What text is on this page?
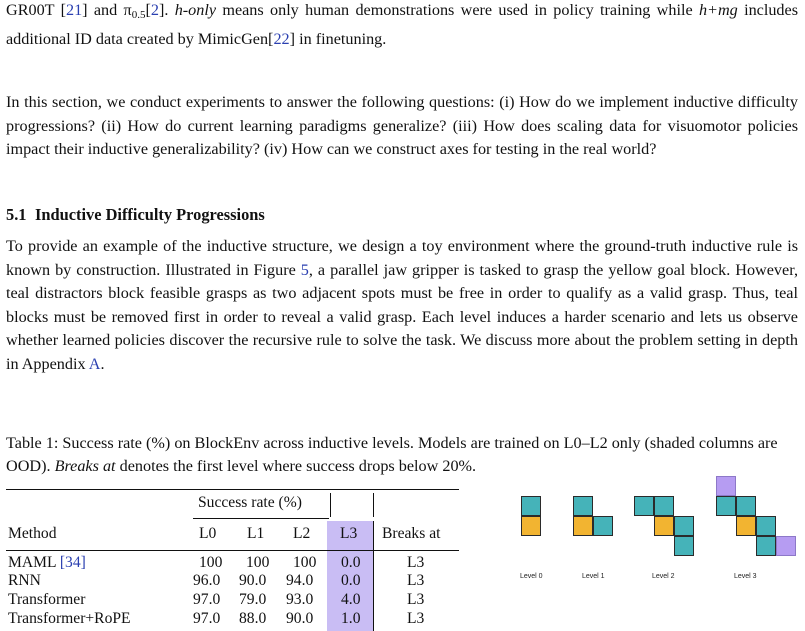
GR00T [21] and $\pi_{0.5}[2]$. h-only means only human demonstrations were used in policy training while h+mg includes additional ID data created by MimicGen[22] in finetuning.

In this section, we conduct experiments to answer the following questions: (i) How do we implement inductive difficulty progressions? (ii) How do current learning paradigms generalize? (iii) How does scaling data for visuomotor policies impact their inductive generalizability? (iv) How can we construct axes for testing in the real world?

5.1 Inductive Difficulty Progressions

To provide an example of the inductive structure, we design a toy environment where the ground-truth inductive rule is known by construction. Illustrated in Figure 5, a parallel jaw gripper is tasked to grasp the yellow goal block. However, teal distractors block feasible grasps as two adjacent spots must be free in order to qualify as a valid grasp. Thus, teal blocks must be removed first in order to reveal a valid grasp. Each level induces a harder scenario and lets us observe whether learned policies discover the recursive rule to solve the task. We discuss more about the problem setting in depth in Appendix A.

Table 1: Success rate (%) on BlockEnv across inductive levels. Models are trained on L0–L2 only (shaded columns are OOD). Breaks at denotes the first level where success drops below 20%.

Success rate (%)
Method	L0 L1 L2 L3 Breaks at
MAML [34]	100 100 100 0.0	L3
RNN	96.0 90.0 94.0 0.0	L3
Transformer	97.0 79.0 93.0 4.0	L3
Transformer+RoPE	97.0 88.0 90.0 1.0	L3
Level 0	Level 1	Level 2	Level 3
